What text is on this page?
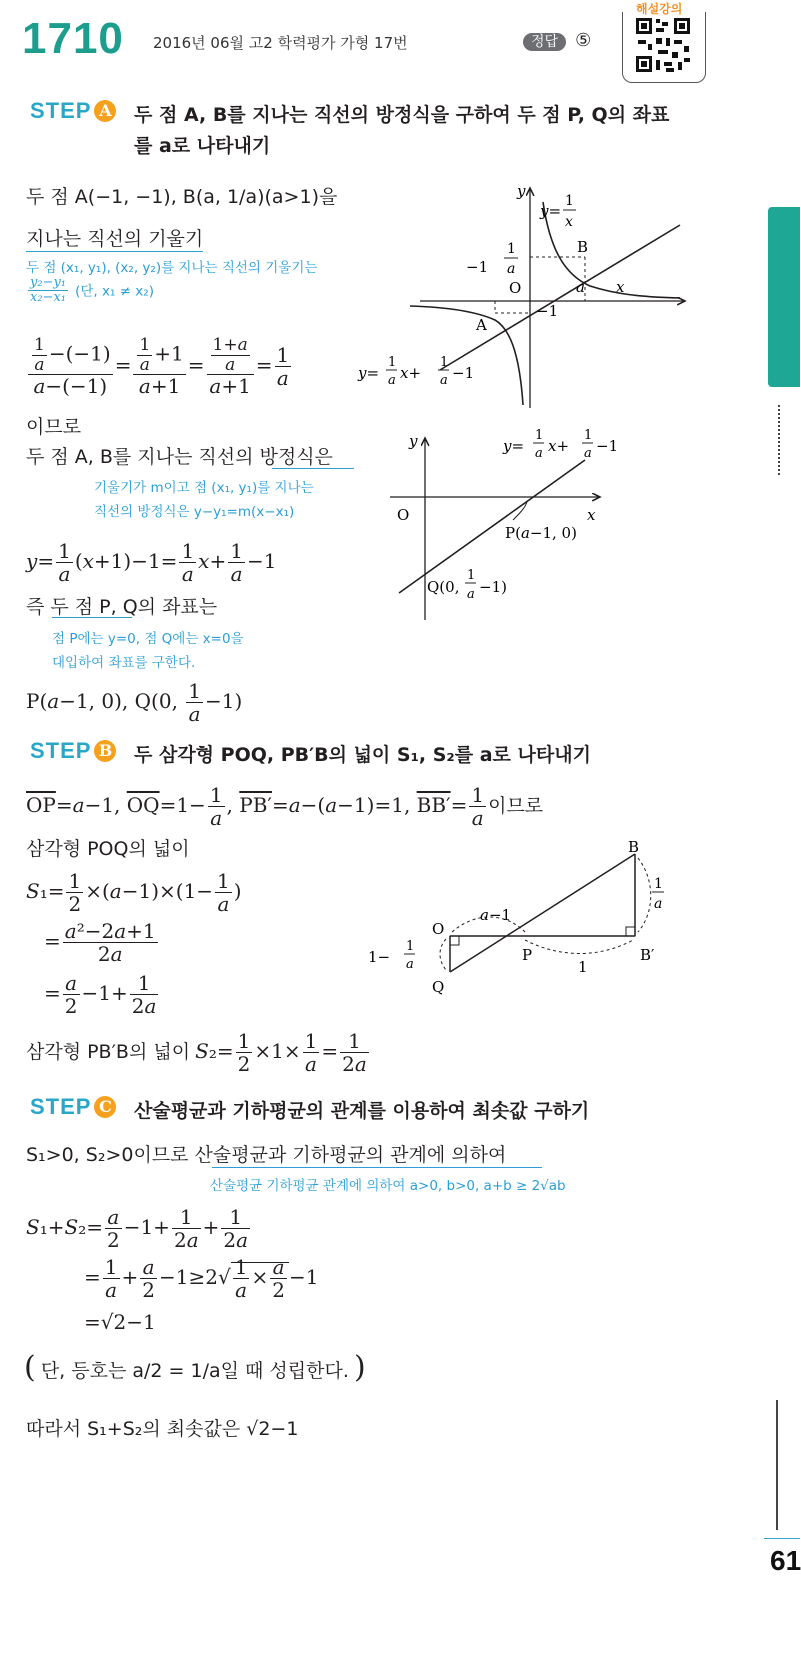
1710 2016년 06월 고2 학력평가 가형 17번	정답 ⑤
해설강의
61
STEP A 두 점 A, B를 지나는 직선의 방정식을 구하여 두 점 P, Q의 좌표
를 a로 나타내기
두 점 A(−1, −1), B(a, 1/a)(a>1)을
지나는 직선의 기울기
두 점 (x₁, y₁), (x₂, y₂)를 지나는 직선의 기울기는
$\frac{\text{y₂−y₁}}{\text{x₂−x₁}}$ (단, x₁ ≠ x₂)
$\frac{\frac{1}{a} -(-1)}{a-(-1)} = \frac{\frac{1}{a} +1}{a+1} = \frac{\frac{1+a}{a}}{a+1} = \frac{1}{a}$
이므로
두 점 A, B를 지나는 직선의 방정식은
기울기가 m이고 점 (x₁, y₁)를 지나는
직선의 방정식은 y−y₁=m(x−x₁)
$y= \frac{1}{a} (x+1)-1= \frac{1}{a} x+ \frac{1}{a} -1$
즉 두 점 P, Q의 좌표는
점 P에는 y=0, 점 Q에는 x=0을
대입하여 좌표를 구한다.
P(a−1, 0), Q(0, $\frac{1}{a} -1$)
y
y=
1
x
1
a
−1
B
O	a x
−1
A
y=
1
a x+
1
a −1
y
x
O
P(a−1, 0)
y=
1
a x+
1
a −1
Q(0,
1
a −1)
STEP B 두 삼각형 POQ, PB′B의 넓이 S₁, S₂를 a로 나타내기
$\overline{OP}=a-1$, $\overline{OQ}=1- \frac{1}{a}$ , PB′=a−(a−1)=1, $BB'= \frac{1}{a}$ 이므로
삼각형 POQ의 넓이
$S_1= \frac{1}{2} \times(a-1)\times(1- \frac{1}{a}$ )
= $\frac{\text{a²−2a+1}}{2a}$
= $\frac{a}{2} -1+ \frac{1}{2a}$
삼각형 PB′B의 넓이 $S_2= \frac{1}{2} \times 1\times \frac{1}{a} = \frac{1}{2a}$
B
O
a−1
P
1
B′
1
a
1−
1
a
Q
STEP C 산술평균과 기하평균의 관계를 이용하여 최솟값 구하기
S₁>0, S₂>0이므로 산술평균과 기하평균의 관계에 의하여
산술평균 기하평균 관계에 의하여 a>0, b>0, a+b ≥ 2√ab
$S_1+S_2= \frac{a}{2} -1+ \frac{1}{2a} + \frac{1}{2a}$
= $\frac{1}{a} + \frac{a}{2} -1\ge 2√ \frac{1}{a} \times \frac{a}{2} -1$
=√2−1
( 단, 등호는 a/2 = 1/a일 때 성립한다. )
따라서 S₁+S₂의 최솟값은 √2−1
